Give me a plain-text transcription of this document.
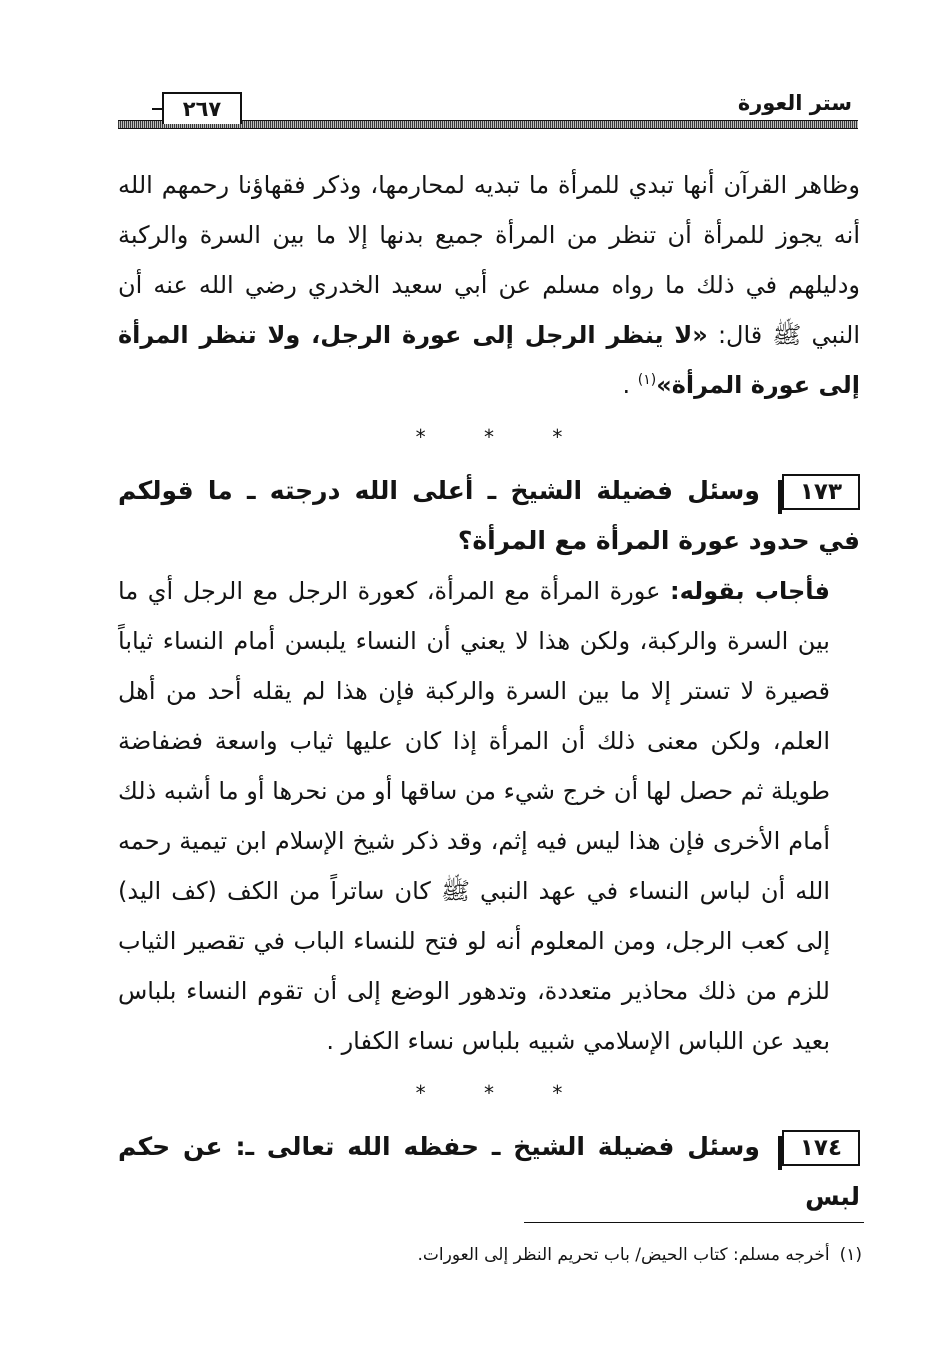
٢٦٧	ستر العورة

وظاهر القرآن أنها تبدي للمرأة ما تبديه لمحارمها، وذكر فقهاؤنا رحمهم الله أنه يجوز للمرأة أن تنظر من المرأة جميع بدنها إلا ما بين السرة والركبة ودليلهم في ذلك ما رواه مسلم عن أبي سعيد الخدري رضي الله عنه أن النبي ﷺ قال: «لا ينظر الرجل إلى عورة الرجل، ولا تنظر المرأة إلى عورة المرأة»$^{(١)}$ .

* * *

١٧٣وسئل فضيلة الشيخ ـ أعلى الله درجته ـ ما قولكم في حدود عورة المرأة مع المرأة؟

فأجاب بقوله: عورة المرأة مع المرأة، كعورة الرجل مع الرجل أي ما بين السرة والركبة، ولكن هذا لا يعني أن النساء يلبسن أمام النساء ثياباً قصيرة لا تستر إلا ما بين السرة والركبة فإن هذا لم يقله أحد من أهل العلم، ولكن معنى ذلك أن المرأة إذا كان عليها ثياب واسعة فضفاضة طويلة ثم حصل لها أن خرج شيء من ساقها أو من نحرها أو ما أشبه ذلك أمام الأخرى فإن هذا ليس فيه إثم، وقد ذكر شيخ الإسلام ابن تيمية رحمه الله أن لباس النساء في عهد النبي ﷺ كان ساتراً من الكف (كف اليد) إلى كعب الرجل، ومن المعلوم أنه لو فتح للنساء الباب في تقصير الثياب للزم من ذلك محاذير متعددة، وتدهور الوضع إلى أن تقوم النساء بلباس بعيد عن اللباس الإسلامي شبيه بلباس نساء الكفار .

* * *

١٧٤وسئل فضيلة الشيخ ـ حفظه الله تعالى ـ: عن حكم لبس

(١)أخرجه مسلم: كتاب الحيض/ باب تحريم النظر إلى العورات.
